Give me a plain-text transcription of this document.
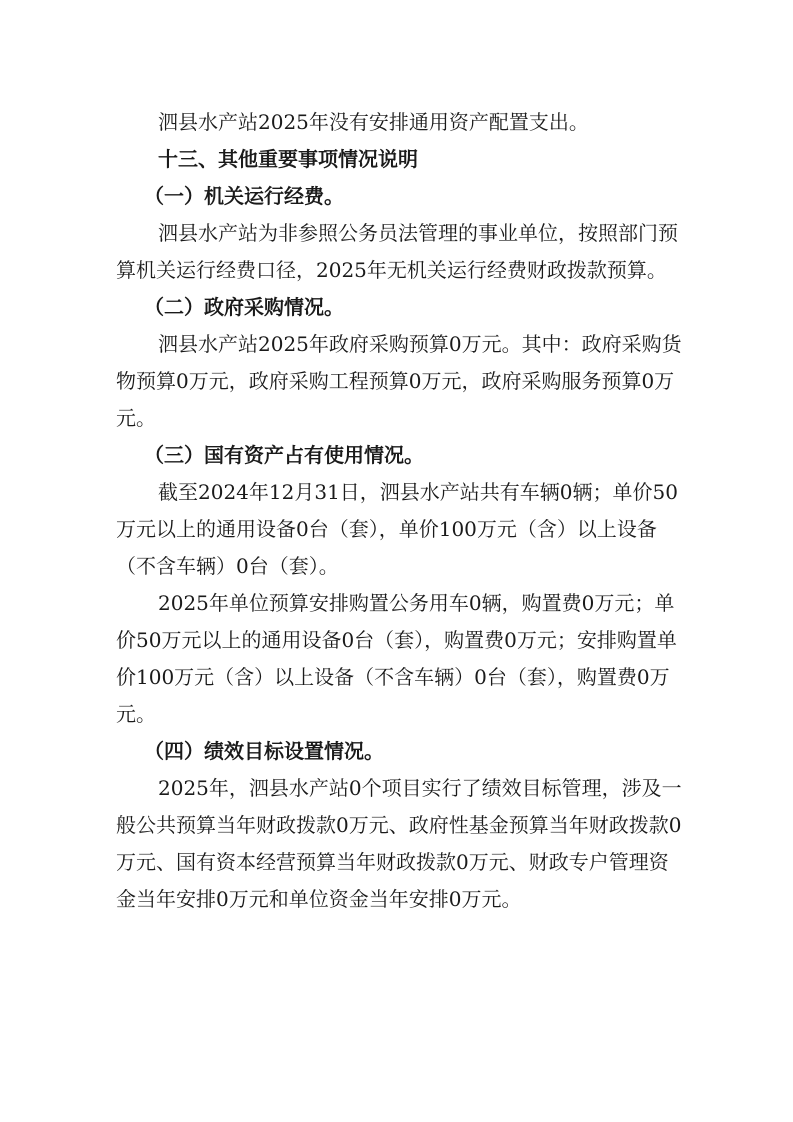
泗县水产站2025年没有安排通用资产配置支出。

十三、其他重要事项情况说明

（一）机关运行经费。

泗县水产站为非参照公务员法管理的事业单位，按照部门预算机关运行经费口径，2025年无机关运行经费财政拨款预算。

（二）政府采购情况。

泗县水产站2025年政府采购预算0万元。其中：政府采购货物预算0万元，政府采购工程预算0万元，政府采购服务预算0万元。

（三）国有资产占有使用情况。

截至2024年12月31日，泗县水产站共有车辆0辆；单价50万元以上的通用设备0台（套），单价100万元（含）以上设备（不含车辆）0台（套）。

2025年单位预算安排购置公务用车0辆，购置费0万元；单价50万元以上的通用设备0台（套），购置费0万元；安排购置单价100万元（含）以上设备（不含车辆）0台（套），购置费0万元。

（四）绩效目标设置情况。

2025年，泗县水产站0个项目实行了绩效目标管理，涉及一般公共预算当年财政拨款0万元、政府性基金预算当年财政拨款0万元、国有资本经营预算当年财政拨款0万元、财政专户管理资金当年安排0万元和单位资金当年安排0万元。
